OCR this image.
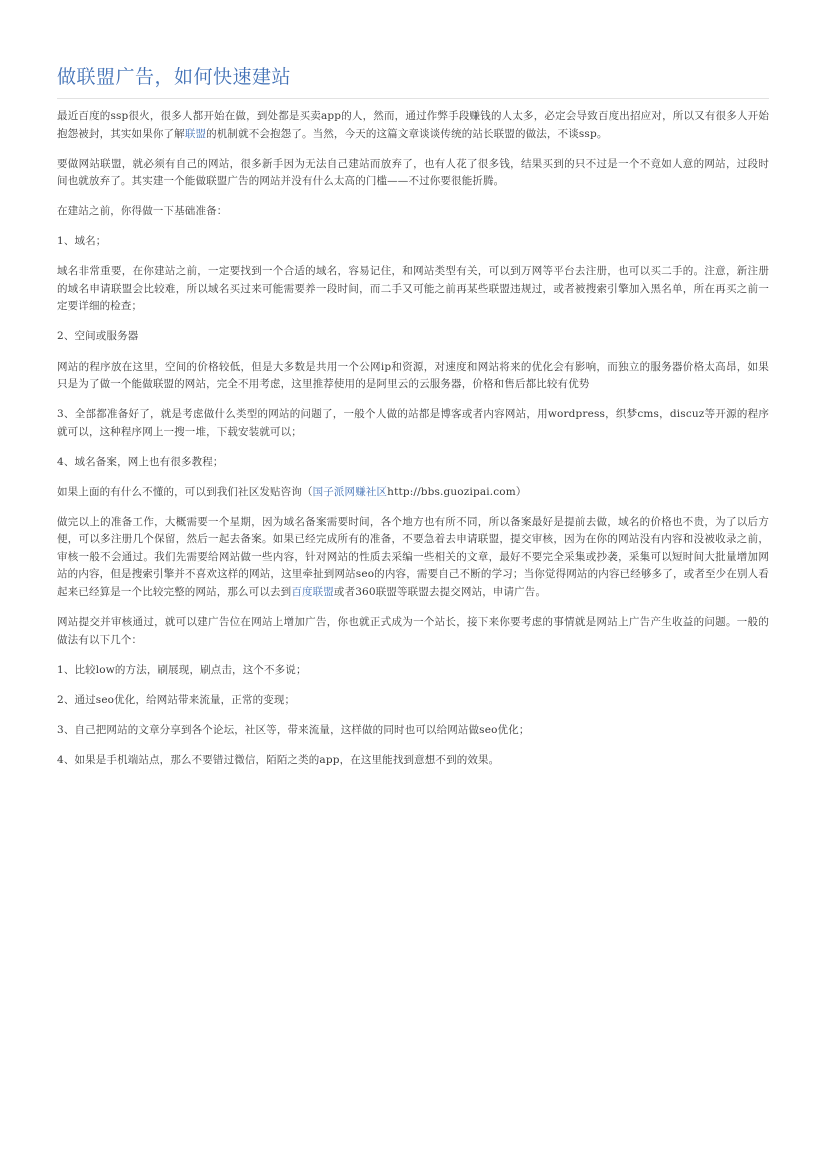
做联盟广告，如何快速建站

最近百度的ssp很火，很多人都开始在做，到处都是买卖app的人，然而，通过作弊手段赚钱的人太多，必定会导致百度出招应对，所以又有很多人开始抱怨被封，其实如果你了解联盟的机制就不会抱怨了。当然，今天的这篇文章谈谈传统的站长联盟的做法，不谈ssp。

要做网站联盟，就必须有自己的网站，很多新手因为无法自己建站而放弃了，也有人花了很多钱，结果买到的只不过是一个不竟如人意的网站，过段时间也就放弃了。其实建一个能做联盟广告的网站并没有什么太高的门槛——不过你要很能折腾。

在建站之前，你得做一下基础准备：

1、域名；

域名非常重要，在你建站之前，一定要找到一个合适的域名，容易记住，和网站类型有关，可以到万网等平台去注册，也可以买二手的。注意，新注册的域名申请联盟会比较难，所以域名买过来可能需要养一段时间，而二手又可能之前再某些联盟违规过，或者被搜索引擎加入黑名单，所在再买之前一定要详细的检查；

2、空间或服务器

网站的程序放在这里，空间的价格较低，但是大多数是共用一个公网ip和资源，对速度和网站将来的优化会有影响，而独立的服务器价格太高昂，如果只是为了做一个能做联盟的网站，完全不用考虑，这里推荐使用的是阿里云的云服务器，价格和售后都比较有优势

3、全部都准备好了，就是考虑做什么类型的网站的问题了，一般个人做的站都是博客或者内容网站，用wordpress，织梦cms，discuz等开源的程序就可以，这种程序网上一搜一堆，下载安装就可以；

4、域名备案，网上也有很多教程；

如果上面的有什么不懂的，可以到我们社区发贴咨询（国子派网赚社区http://bbs.guozipai.com）

做完以上的准备工作，大概需要一个星期，因为域名备案需要时间，各个地方也有所不同，所以备案最好是提前去做，域名的价格也不贵，为了以后方便，可以多注册几个保留，然后一起去备案。如果已经完成所有的准备，不要急着去申请联盟，提交审核，因为在你的网站没有内容和没被收录之前，审核一般不会通过。我们先需要给网站做一些内容，针对网站的性质去采编一些相关的文章，最好不要完全采集或抄袭，采集可以短时间大批量增加网站的内容，但是搜索引擎并不喜欢这样的网站，这里牵扯到网站seo的内容，需要自己不断的学习；当你觉得网站的内容已经够多了，或者至少在别人看起来已经算是一个比较完整的网站，那么可以去到百度联盟或者360联盟等联盟去提交网站，申请广告。

网站提交并审核通过，就可以建广告位在网站上增加广告，你也就正式成为一个站长，接下来你要考虑的事情就是网站上广告产生收益的问题。一般的做法有以下几个：

1、比较low的方法，刷展现，刷点击，这个不多说；

2、通过seo优化，给网站带来流量，正常的变现；

3、自己把网站的文章分享到各个论坛，社区等，带来流量，这样做的同时也可以给网站做seo优化；

4、如果是手机端站点，那么不要错过微信，陌陌之类的app，在这里能找到意想不到的效果。
